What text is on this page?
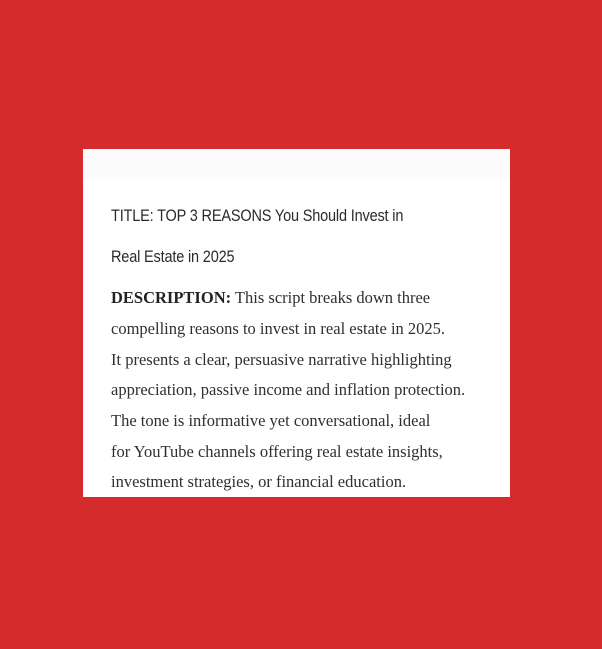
TITLE: TOP 3 REASONS You Should Invest in
Real Estate in 2025
DESCRIPTION: This script breaks down three
compelling reasons to invest in real estate in 2025.
It presents a clear, persuasive narrative highlighting
appreciation, passive income and inflation protection.
The tone is informative yet conversational, ideal
for YouTube channels offering real estate insights,
investment strategies, or financial education.
